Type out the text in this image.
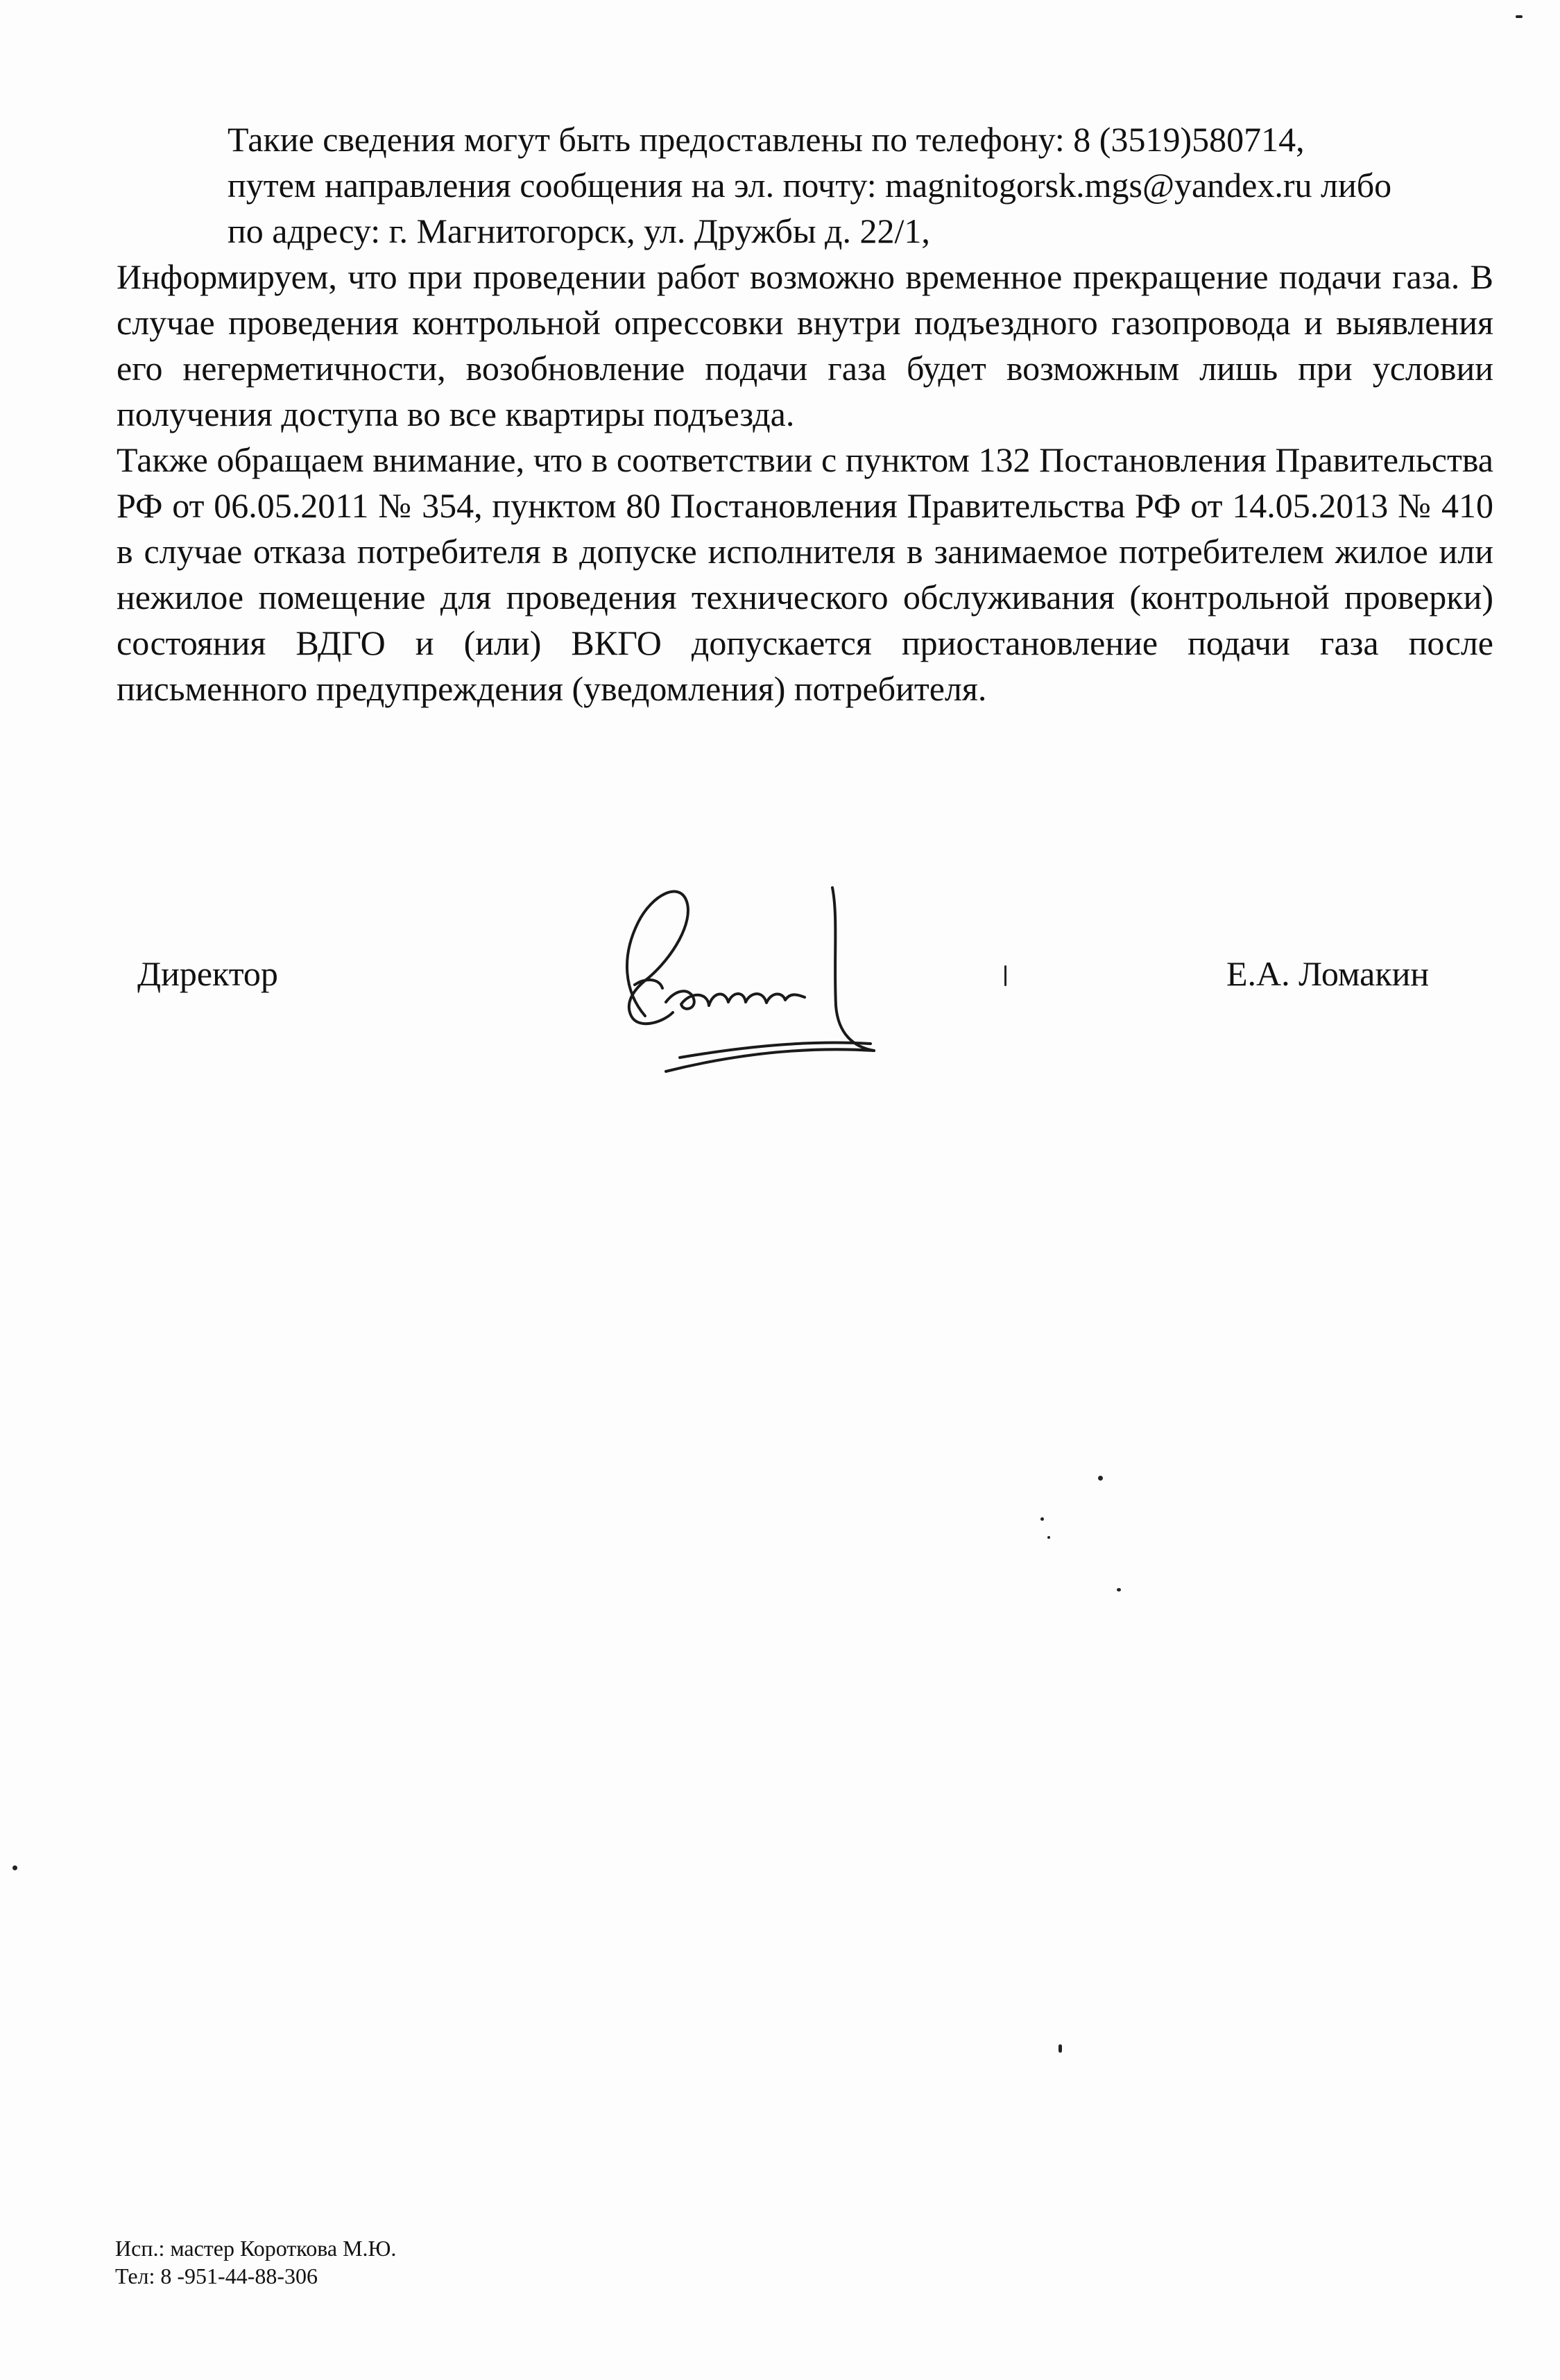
Такие сведения могут быть предоставлены по телефону: 8 (3519)580714,
путем направления сообщения на эл. почту: magnitogorsk.mgs@yandex.ru либо
по адресу: г. Магнитогорск, ул. Дружбы д. 22/1,

Информируем, что при проведении работ возможно временное прекращение подачи газа. В случае проведения контрольной опрессовки внутри подъездного газопровода и выявления его негерметичности, возобновление подачи газа будет возможным лишь при условии получения доступа во все квартиры подъезда.

Также обращаем внимание, что в соответствии с пунктом 132 Постановления Правительства РФ от 06.05.2011 № 354, пунктом 80 Постановления Правительства РФ от 14.05.2013 № 410 в случае отказа потребителя в допуске исполнителя в занимаемое потребителем жилое или нежилое помещение для проведения технического обслуживания (контрольной проверки) состояния ВДГО и (или) ВКГО допускается приостановление подачи газа после письменного предупреждения (уведомления) потребителя.

Директор	Е.А. Ломакин
Исп.: мастер Короткова М.Ю.
Тел: 8 -951-44-88-306
